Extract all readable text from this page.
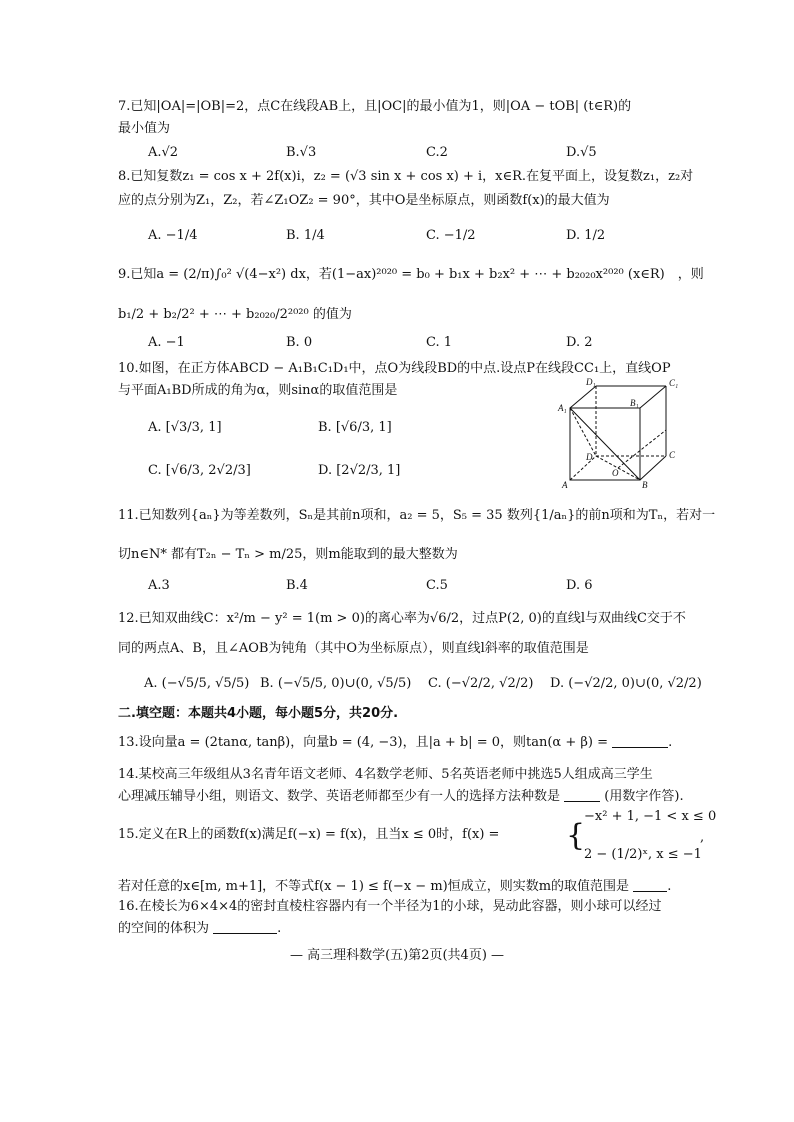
7.已知|OA|=|OB|=2，点C在线段AB上，且|OC|的最小值为1，则|OA − tOB| (t∈R)的
最小值为
A.√2	B.√3	C.2	D.√5
8.已知复数z₁ = cos x + 2f(x)i，z₂ = (√3 sin x + cos x) + i，x∈R.在复平面上，设复数z₁，z₂对
应的点分别为Z₁，Z₂，若∠Z₁OZ₂ = 90°，其中O是坐标原点，则函数f(x)的最大值为
A. −1/4	B. 1/4	C. −1/2	D. 1/2
9.已知a = (2/π)∫₀² √(4−x²) dx，若(1−ax)²⁰²⁰ = b₀ + b₁x + b₂x² + ⋯ + b₂₀₂₀x²⁰²⁰ (x∈R)　，则
b₁/2 + b₂/2² + ⋯ + b₂₀₂₀/2²⁰²⁰ 的值为
A. −1	B. 0	C. 1	D. 2
10.如图，在正方体ABCD − A₁B₁C₁D₁中，点O为线段BD的中点.设点P在线段CC₁上，直线OP
与平面A₁BD所成的角为α，则sinα的取值范围是
A. [√3/3, 1]	B. [√6/3, 1]
C. [√6/3, 2√2/3]	D. [2√2/3, 1]
D₁	C₁
A₁	B₁
D	C
O
A	B
11.已知数列{aₙ}为等差数列，Sₙ是其前n项和，a₂ = 5，S₅ = 35 数列{1/aₙ}的前n项和为Tₙ，若对一
切n∈N* 都有T₂ₙ − Tₙ > m/25，则m能取到的最大整数为
A.3	B.4	C.5	D. 6
12.已知双曲线C：x²/m − y² = 1(m > 0)的离心率为√6/2，过点P(2, 0)的直线l与双曲线C交于不
同的两点A、B，且∠AOB为钝角（其中O为坐标原点），则直线l斜率的取值范围是
A. (−√5/5, √5/5) B. (−√5/5, 0)∪(0, √5/5) C. (−√2/2, √2/2) D. (−√2/2, 0)∪(0, √2/2)
二.填空题：本题共4小题，每小题5分，共20分.
13.设向量a = (2tanα, tanβ)，向量b = (4, −3)，且|a + b| = 0，则tan(α + β) =	.
14.某校高三年级组从3名青年语文老师、4名数学老师、5名英语老师中挑选5人组成高三学生
心理减压辅导小组，则语文、数学、英语老师都至少有一人的选择方法种数是	(用数字作答).
15.定义在R上的函数f(x)满足f(−x) = f(x)，且当x ≤ 0时，f(x) = {
−x² + 1, −1 < x ≤ 0
2 − (1/2)ˣ, x ≤ −1
,
若对任意的x∈[m, m+1]，不等式f(x − 1) ≤ f(−x − m)恒成立，则实数m的取值范围是	.
16.在棱长为6×4×4的密封直棱柱容器内有一个半径为1的小球，晃动此容器，则小球可以经过
的空间的体积为	.
— 高三理科数学(五)第2页(共4页) —
